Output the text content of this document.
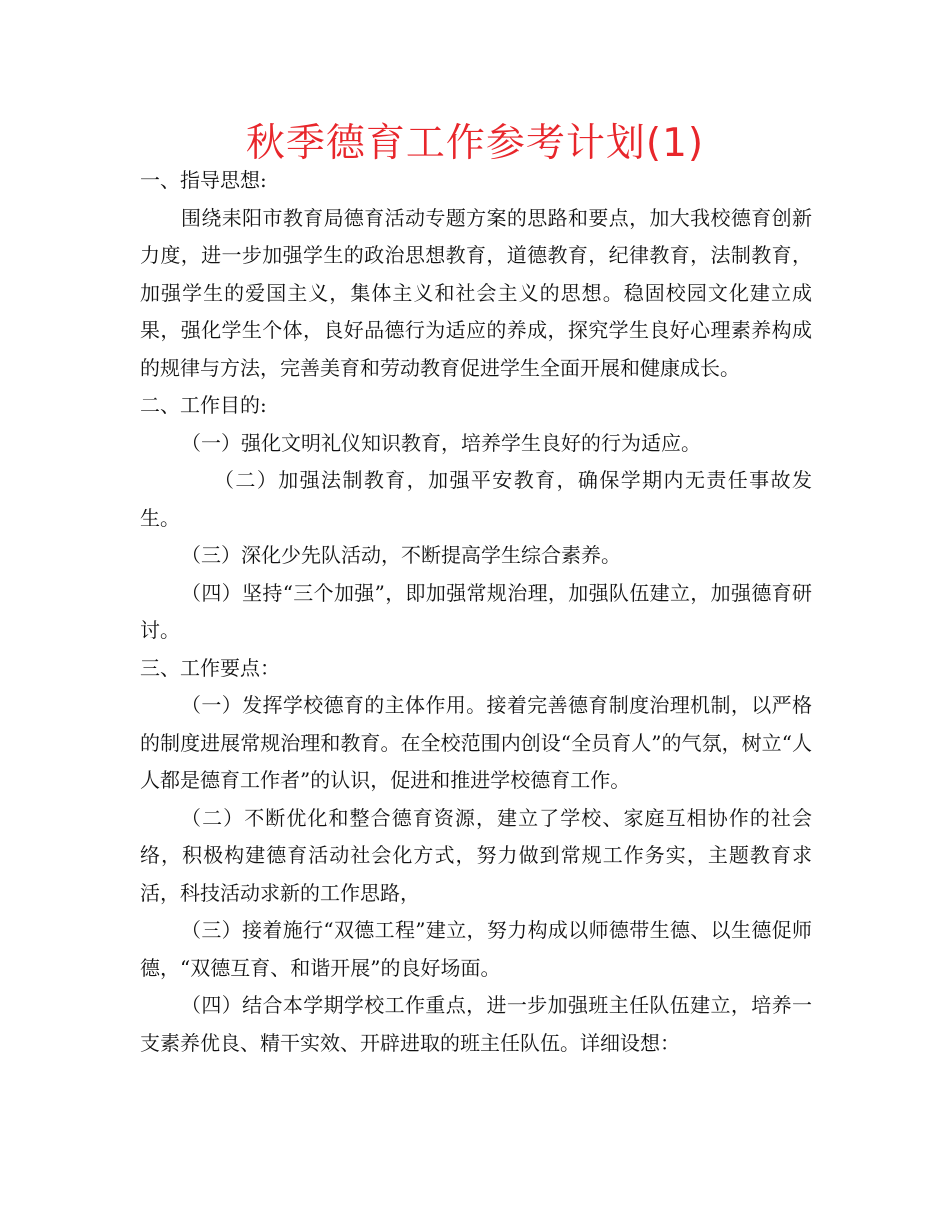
秋季德育工作参考计划(1)

一、指导思想:

围绕耒阳市教育局德育活动专题方案的思路和要点，加大我校德育创新力度，进一步加强学生的政治思想教育，道德教育，纪律教育，法制教育，加强学生的爱国主义，集体主义和社会主义的思想。稳固校园文化建立成果，强化学生个体，良好品德行为适应的养成，探究学生良好心理素养构成的规律与方法，完善美育和劳动教育促进学生全面开展和健康成长。

二、工作目的:

（一）强化文明礼仪知识教育，培养学生良好的行为适应。

（二）加强法制教育，加强平安教育，确保学期内无责任事故发生。

（三）深化少先队活动，不断提高学生综合素养。

（四）坚持“三个加强”，即加强常规治理，加强队伍建立，加强德育研讨。

三、工作要点：

（一）发挥学校德育的主体作用。接着完善德育制度治理机制，以严格的制度进展常规治理和教育。在全校范围内创设“全员育人”的气氛，树立“人人都是德育工作者”的认识，促进和推进学校德育工作。

（二）不断优化和整合德育资源，建立了学校、家庭互相协作的社会络，积极构建德育活动社会化方式，努力做到常规工作务实，主题教育求活，科技活动求新的工作思路，

（三）接着施行“双德工程”建立，努力构成以师德带生德、以生德促师德，“双德互育、和谐开展”的良好场面。

（四）结合本学期学校工作重点，进一步加强班主任队伍建立，培养一支素养优良、精干实效、开辟进取的班主任队伍。详细设想：
